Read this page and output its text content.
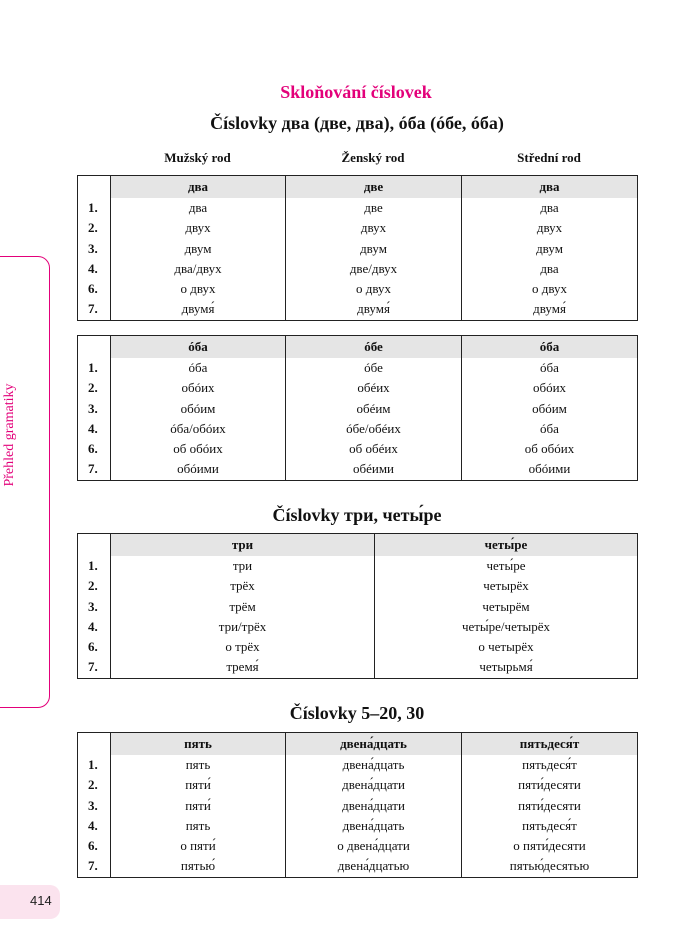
Přehled gramatiky
414
Skloňování číslovek
Číslovky два (две, два), óба (óбе, óба)
Mužský rod	Ženský rod	Střední rod
	два	две	два
1.	два	две	два
2.	двух	двух	двух
3.	двум	двум	двум
4.	два/двух	две/двух	два
6.	о двух	о двух	о двух
7.	двумя́	двумя́	двумя́
	óба	óбе	óба
1.	óба	óбе	óба
2.	обóих	обéих	обóих
3.	обóим	обéим	обóим
4.	óба/обóих	óбе/обéих	óба
6.	об обóих	об обéих	об обóих
7.	обóими	обéими	обóими
Číslovky три, четы́ре
	три	четы́ре
1.	три	четы́ре
2.	трёх	четырёх
3.	трём	четырём
4.	три/трёх	четы́ре/четырёх
6.	о трёх	о четырёх
7.	тремя́	четырьмя́
Číslovky 5–20, 30
	пять	двена́дцать	пятьдеся́т
1.	пять	двена́дцать	пятьдеся́т
2.	пяти́	двена́дцати	пяти́десяти
3.	пяти́	двена́дцати	пяти́десяти
4.	пять	двена́дцать	пятьдеся́т
6.	о пяти́	о двена́дцати	о пяти́десяти
7.	пятью́	двена́дцатью	пятью́десятью
